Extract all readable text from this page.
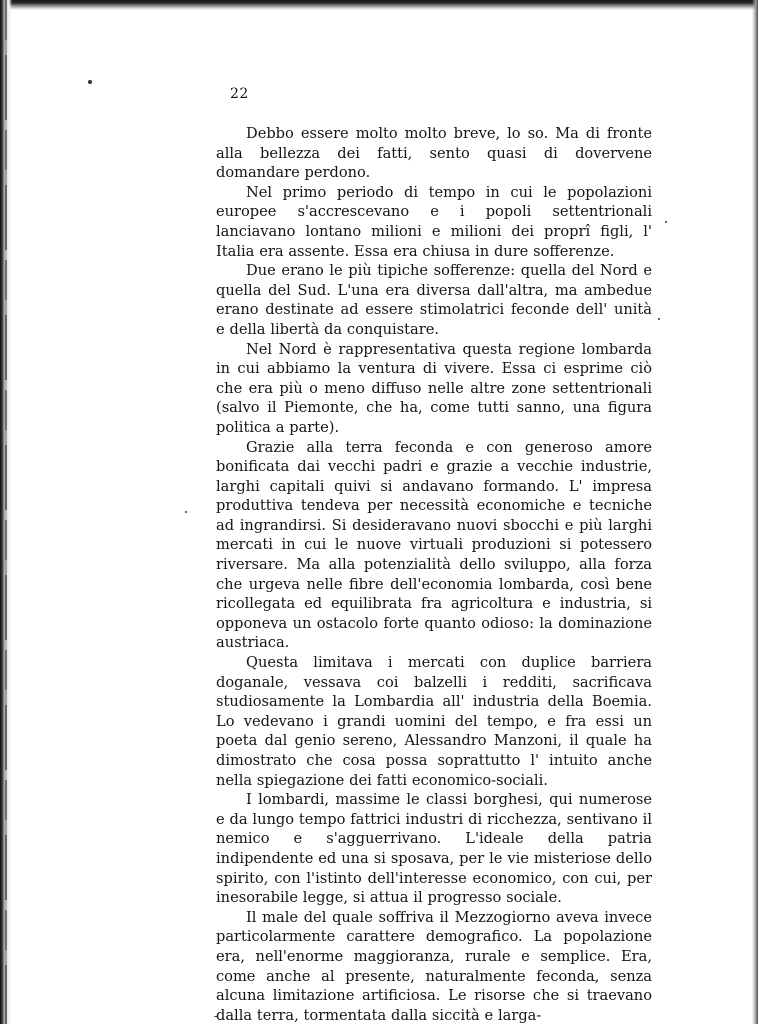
22

Debbo essere molto molto breve, lo so. Ma di fronte alla bellezza dei fatti, sento quasi di dovervene domandare perdono.

Nel primo periodo di tempo in cui le popolazioni europee s'accrescevano e i popoli settentrionali lanciavano lontano milioni e milioni dei proprî figli, l' Italia era assente. Essa era chiusa in dure sofferenze.

Due erano le più tipiche sofferenze: quella del Nord e quella del Sud. L'una era diversa dall'altra, ma ambedue erano destinate ad essere stimolatrici feconde dell' unità e della libertà da conquistare.

Nel Nord è rappresentativa questa regione lombarda in cui abbiamo la ventura di vivere. Essa ci esprime ciò che era più o meno diffuso nelle altre zone settentrionali (salvo il Piemonte, che ha, come tutti sanno, una figura politica a parte).

Grazie alla terra feconda e con generoso amore bonificata dai vecchi padri e grazie a vecchie industrie, larghi capitali quivi si andavano formando. L' impresa produttiva tendeva per necessità economiche e tecniche ad ingrandirsi. Si desideravano nuovi sbocchi e più larghi mercati in cui le nuove virtuali produzioni si potessero riversare. Ma alla potenzialità dello sviluppo, alla forza che urgeva nelle fibre dell'economia lombarda, così bene ricollegata ed equilibrata fra agricoltura e industria, si opponeva un ostacolo forte quanto odioso: la dominazione austriaca.

Questa limitava i mercati con duplice barriera doganale, vessava coi balzelli i redditi, sacrificava studiosamente la Lombardia all' industria della Boemia. Lo vedevano i grandi uomini del tempo, e fra essi un poeta dal genio sereno, Alessandro Manzoni, il quale ha dimostrato che cosa possa soprattutto l' intuito anche nella spiegazione dei fatti economico-sociali.

I lombardi, massime le classi borghesi, qui numerose e da lungo tempo fattrici industri di ricchezza, sentivano il nemico e s'agguerrivano. L'ideale della patria indipendente ed una si sposava, per le vie misteriose dello spirito, con l'istinto dell'interesse economico, con cui, per inesorabile legge, si attua il progresso sociale.

Il male del quale soffriva il Mezzogiorno aveva invece particolarmente carattere demografico. La popolazione era, nell'enorme maggioranza, rurale e semplice. Era, come anche al presente, naturalmente feconda, senza alcuna limitazione artificiosa. Le risorse che si traevano dalla terra, tormentata dalla siccità e larga-
